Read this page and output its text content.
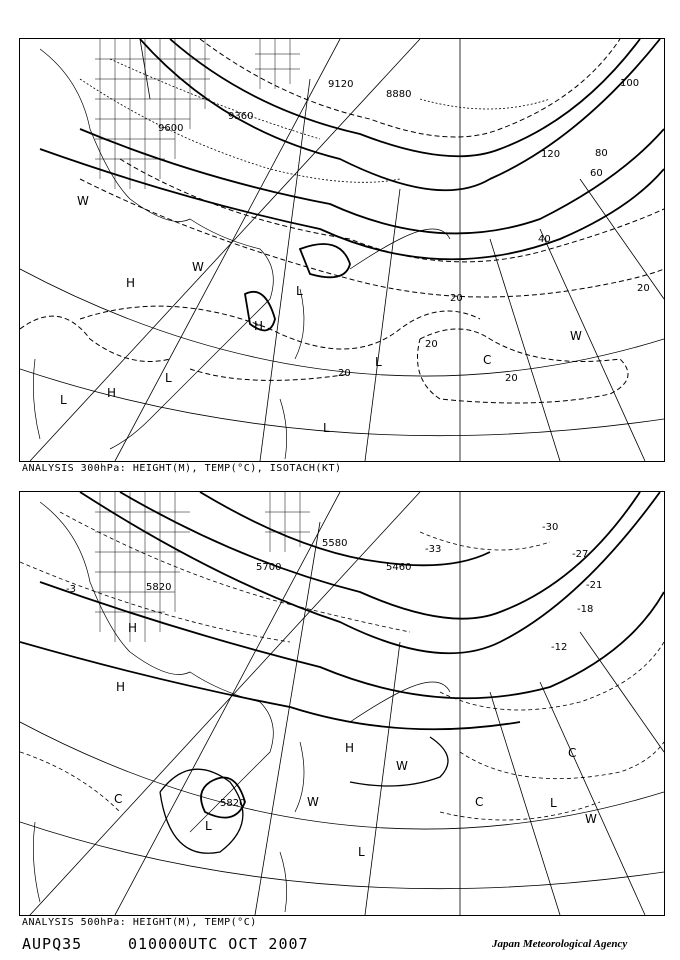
9120
8880
9360
9600
20
40
60
80
100
120
20
20
20	20
H
H
H
L
L
L
L
L
W
W
W
C
ANALYSIS 300hPa: HEIGHT(M), TEMP(°C), ISOTACH(KT)
5700
5580
5460
5820
5820
-3
-27
-30
-33
-21
-18
-12
H
H
H
L
L
L
W
W
W
C
C
C
ANALYSIS 500hPa: HEIGHT(M), TEMP(°C)
AUPQ35	010000UTC OCT 2007	Japan Meteorological Agency
